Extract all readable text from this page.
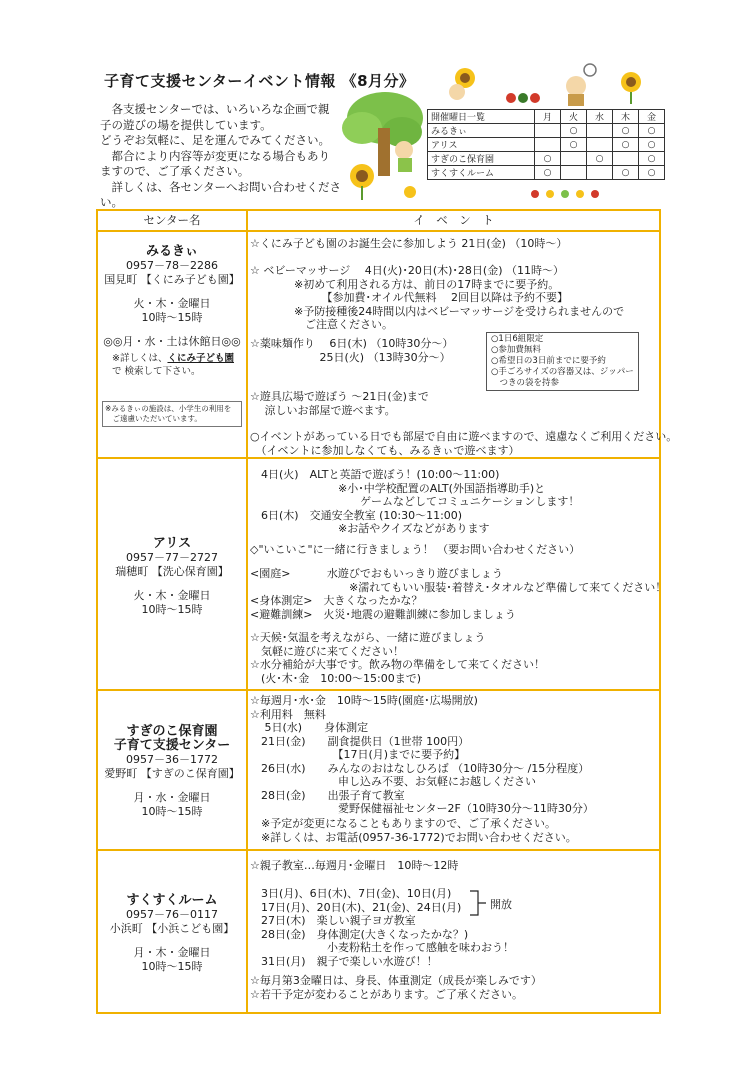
子育て支援センターイベント情報 《8月分》
　各支援センターでは、いろいろな企画で親
子の遊びの場を提供しています。
どうぞお気軽に、足を運んでみてください。
　都合により内容等が変更になる場合もあり
ますので、ご了承ください。
　詳しくは、各センターへお問い合わせくださ
い。
開催曜日一覧	月	火	水	木	金
みるきぃ		○		○	○
アリス		○		○	○
すぎのこ保育園	○		○		○
すくすくルーム	○			○	○
センター名	イ　ベ　ン　ト
みるきぃ
0957－78－2286
国見町 【くにみ子ども園】
火・木・金曜日
10時～15時
◎◎月・水・土は休館日◎◎
※詳しくは、くにみ子ども園
で 検索して下さい。
※みるきぃの施設は、小学生の利用を
　ご遠慮いただいています。
☆くにみ子ども園のお誕生会に参加しよう 21日(金) （10時～）
☆ ベビーマッサージ　 4日(火)･20日(木)･28日(金) （11時～）
　　　　※初めて利用される方は、前日の17時までに要予約。
　　　　　　　【参加費･オイル代無料　 2回目以降は予約不要】
　　　　※予防接種後24時間以内はベビーマッサージを受けられませんので
　　　　　ご注意ください。
☆薬味麺作り　 6日(木) （10時30分～）
　　　　　　 25日(火) （13時30分～）
○1日6組限定
○参加費無料
○希望日の3日前までに要予約
○手ごろサイズの容器又は、ジッパー
　つきの袋を持参
☆遊具広場で遊ぼう ～21日(金)まで
　 涼しいお部屋で遊べます。
○イベントがあっている日でも部屋で自由に遊べますので、遠慮なくご利用ください。
　（イベントに参加しなくても、みるきぃで遊べます）
アリス
0957－77－2727
瑞穂町 【洗心保育園】
火・木・金曜日
10時～15時
　4日(火)　ALTと英語で遊ぼう！(10:00～11:00)
　　　　　　　　※小･中学校配置のALT(外国語指導助手)と
　　　　　　　　　　ゲームなどしてコミュニケーションします！
　6日(木)　交通安全教室 (10:30～11:00)
　　　　　　　　※お話やクイズなどがあります
◇"いこいこ"に一緒に行きましょう！ （要お問い合わせください）
<園庭>　　　 水遊びでおもいっきり遊びましょう
　　　　　　　　　※濡れてもいい服装･着替え･タオルなど準備して来てください！
<身体測定>　大きくなったかな？
<避難訓練>　火災･地震の避難訓練に参加しましょう
☆天候･気温を考えながら、一緒に遊びましょう
　気軽に遊びに来てください！
☆水分補給が大事です。飲み物の準備をして来てください！
　(火･木･金　10:00～15:00まで)
すぎのこ保育園
子育て支援センター
0957－36－1772
愛野町 【すぎのこ保育園】
月・水・金曜日
10時～15時
☆毎週月･水･金　10時～15時(園庭･広場開放)
☆利用料　無料
　 5日(水)　　身体測定
　21日(金)　　副食提供日（1世帯 100円）
　　　　　　　　【17日(月)までに要予約】
　26日(水)　　みんなのおはなしひろば （10時30分～ /15分程度）
　　　　　　　　申し込み不要、お気軽にお越しください
　28日(金)　　出張子育て教室
　　　　　　　　愛野保健福祉センター2F（10時30分～11時30分）
　※予定が変更になることもありますので、ご了承ください。
　※詳しくは、お電話(0957-36-1772)でお問い合わせください。
すくすくルーム
0957－76－0117
小浜町 【小浜こども園】
月・木・金曜日
10時～15時
☆親子教室…毎週月･金曜日　10時～12時
　3日(月)、6日(木)、7日(金)、10日(月)
　17日(月)、20日(木)、21(金)、24日(月)
　27日(木)　楽しい親子ヨガ教室
　28日(金)　身体測定(大きくなったかな？)
　　　　　　　小麦粉粘土を作って感触を味わおう！
　31日(月)　親子で楽しい水遊び！！
開放
☆毎月第3金曜日は、身長、体重測定（成長が楽しみです）
☆若干予定が変わることがあります。ご了承ください。
